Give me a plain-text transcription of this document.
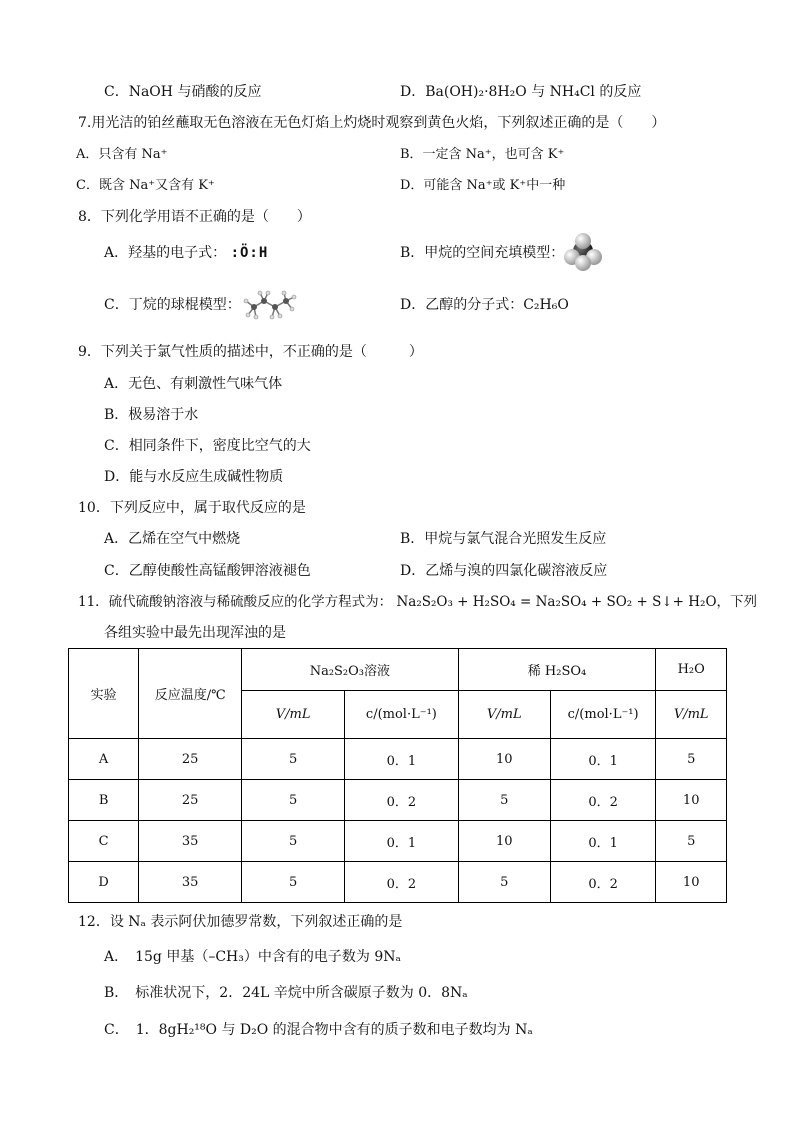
C．NaOH 与硝酸的反应	D．Ba(OH)₂·8H₂O 与 NH₄Cl 的反应
7.用光洁的铂丝蘸取无色溶液在无色灯焰上灼烧时观察到黄色火焰，下列叙述正确的是（　　）
A．只含有 Na⁺	B．一定含 Na⁺，也可含 K⁺
C．既含 Na⁺又含有 K⁺	D．可能含 Na⁺或 K⁺中一种
8．下列化学用语不正确的是（　　）
A．羟基的电子式： :Ö:H	B．甲烷的空间充填模型：
C．丁烷的球棍模型：	D．乙醇的分子式：C₂H₆O
9．下列关于氯气性质的描述中，不正确的是（　　　）
A．无色、有刺激性气味气体
B．极易溶于水
C．相同条件下，密度比空气的大
D．能与水反应生成碱性物质
10．下列反应中，属于取代反应的是
A．乙烯在空气中燃烧	B．甲烷与氯气混合光照发生反应
C．乙醇使酸性高锰酸钾溶液褪色	D．乙烯与溴的四氯化碳溶液反应
11．硫代硫酸钠溶液与稀硫酸反应的化学方程式为： Na₂S₂O₃ + H₂SO₄ = Na₂SO₄ + SO₂ + S↓+ H₂O，下列
各组实验中最先出现浑浊的是
实验	反应温度/℃	Na₂S₂O₃溶液		稀 H₂SO₄		H₂O
		V/mL	c/(mol·L⁻¹)	V/mL	c/(mol·L⁻¹)	V/mL
A	25	5	0．1	10	0．1	5
B	25	5	0．2	5	0．2	10
C	35	5	0．1	10	0．1	5
D	35	5	0．2	5	0．2	10
12．设 Nₐ 表示阿伏加德罗常数，下列叙述正确的是
A．　15g 甲基（–CH₃）中含有的电子数为 9Nₐ
B．　标准状况下，2．24L 辛烷中所含碳原子数为 0．8Nₐ
C．　1．8gH₂¹⁸O 与 D₂O 的混合物中含有的质子数和电子数均为 Nₐ
